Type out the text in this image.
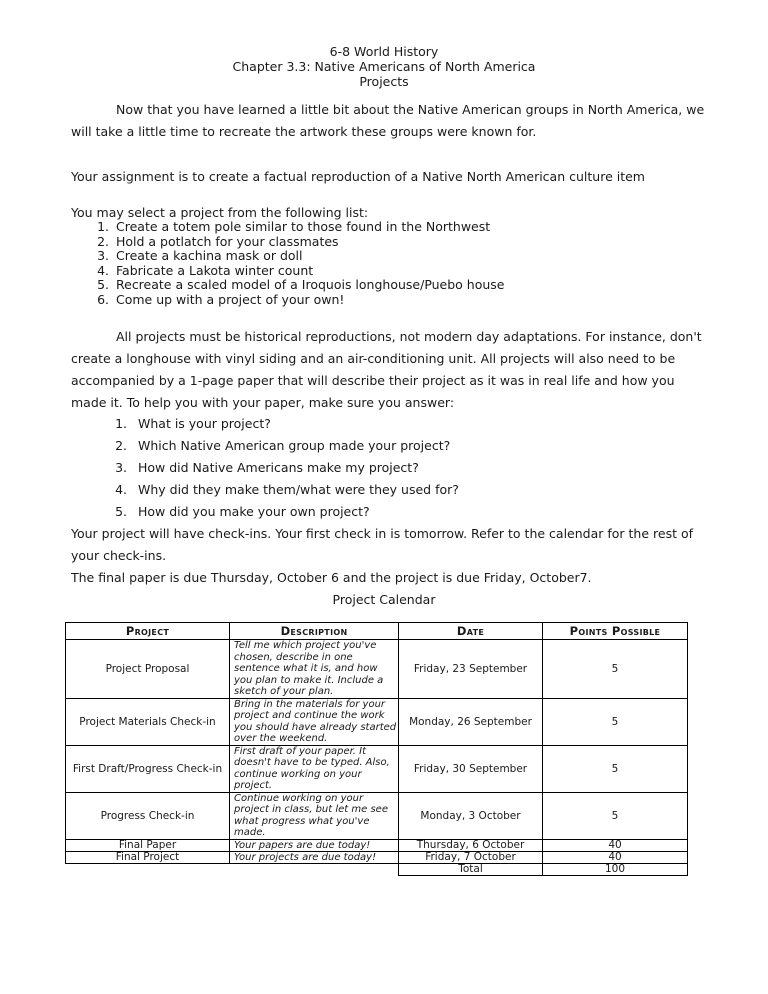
6-8 World History
Chapter 3.3: Native Americans of North America
Projects
Now that you have learned a little bit about the Native American groups in North America, we will take a little time to recreate the artwork these groups were known for.
Your assignment is to create a factual reproduction of a Native North American culture item
You may select a project from the following list:
1. Create a totem pole similar to those found in the Northwest
2. Hold a potlatch for your classmates
3. Create a kachina mask or doll
4. Fabricate a Lakota winter count
5. Recreate a scaled model of a Iroquois longhouse/Puebo house
6. Come up with a project of your own!
All projects must be historical reproductions, not modern day adaptations. For instance, don't create a longhouse with vinyl siding and an air-conditioning unit. All projects will also need to be accompanied by a 1-page paper that will describe their project as it was in real life and how you made it. To help you with your paper, make sure you answer:
1. What is your project?
2. Which Native American group made your project?
3. How did Native Americans make my project?
4. Why did they make them/what were they used for?
5. How did you make your own project?
Your project will have check-ins. Your first check in is tomorrow. Refer to the calendar for the rest of your check-ins.
The final paper is due Thursday, October 6 and the project is due Friday, October7.
Project Calendar
Project	Description	Date	Points Possible
Project Proposal	Tell me which project you've chosen, describe in one sentence what it is, and how you plan to make it. Include a sketch of your plan.	Friday, 23 September	5
Project Materials Check-in	Bring in the materials for your project and continue the work you should have already started over the weekend.	Monday, 26 September	5
First Draft/Progress Check-in	First draft of your paper. It doesn't have to be typed. Also, continue working on your project.	Friday, 30 September	5
Progress Check-in	Continue working on your project in class, but let me see what progress what you've made.	Monday, 3 October	5
Final Paper	Your papers are due today!	Thursday, 6 October	40
Final Project	Your projects are due today!	Friday, 7 October	40
		Total	100
